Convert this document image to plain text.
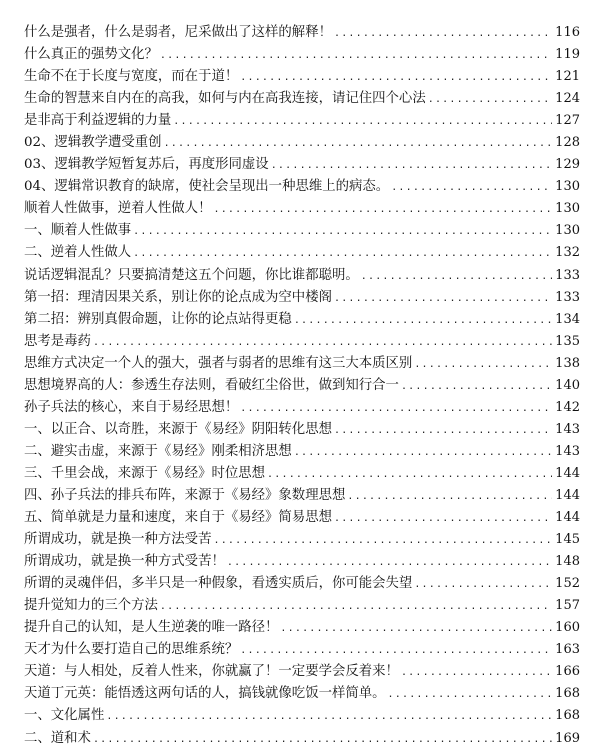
什么是强者，什么是弱者，尼采做出了这样的解释！ .....	116
什么真正的强势文化？ .....	119
生命不在于长度与宽度，而在于道！ .....	121
生命的智慧来自内在的高我，如何与内在高我连接，请记住四个心法 .....	124
是非高于利益逻辑的力量 .....	127
02、逻辑教学遭受重创 .....	128
03、逻辑教学短暂复苏后，再度形同虚设 .....	129
04、逻辑常识教育的缺席，使社会呈现出一种思维上的病态。 .....	130
顺着人性做事，逆着人性做人！ .....	130
一、顺着人性做事 .....	130
二、逆着人性做人 .....	132
说话逻辑混乱？只要搞清楚这五个问题，你比谁都聪明。 .....	133
第一招：理清因果关系，别让你的论点成为空中楼阁 .....	133
第二招：辨别真假命题，让你的论点站得更稳 .....	134
思考是毒药 .....	135
思维方式决定一个人的强大，强者与弱者的思维有这三大本质区别 .....	138
思想境界高的人：参透生存法则，看破红尘俗世，做到知行合一 .....	140
孙子兵法的核心，来自于易经思想！ .....	142
一、以正合、以奇胜，来源于《易经》阴阳转化思想 .....	143
二、避实击虚，来源于《易经》刚柔相济思想 .....	143
三、千里会战，来源于《易经》时位思想 .....	144
四、孙子兵法的排兵布阵，来源于《易经》象数理思想 .....	144
五、简单就是力量和速度，来自于《易经》简易思想 .....	144
所谓成功，就是换一种方法受苦 .....	145
所谓成功，就是换一种方式受苦！ .....	148
所谓的灵魂伴侣，多半只是一种假象，看透实质后，你可能会失望 .....	152
提升觉知力的三个方法 .....	157
提升自己的认知，是人生逆袭的唯一路径！ .....	160
天才为什么要打造自己的思维系统？ .....	163
天道：与人相处，反着人性来，你就赢了！一定要学会反着来！ .....	166
天道丁元英：能悟透这两句话的人，搞钱就像吃饭一样简单。 .....	168
一、文化属性 .....	168
二、道和术 .....	169
